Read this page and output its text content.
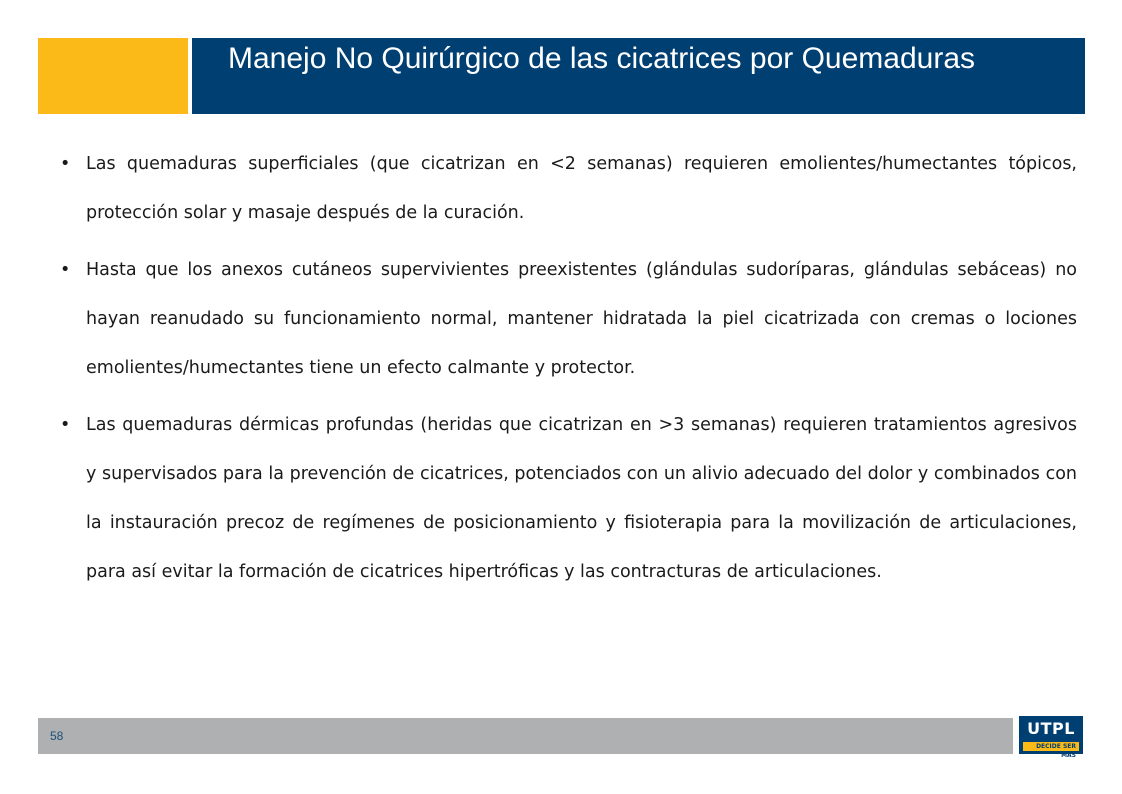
Manejo No Quirúrgico de las cicatrices por Quemaduras

• Las quemaduras superficiales (que cicatrizan en <2 semanas) requieren emolientes/humectantes tópicos, protección solar y masaje después de la curación.

• Hasta que los anexos cutáneos supervivientes preexistentes (glándulas sudoríparas, glándulas sebáceas) no hayan reanudado su funcionamiento normal, mantener hidratada la piel cicatrizada con cremas o lociones emolientes/humectantes tiene un efecto calmante y protector.

• Las quemaduras dérmicas profundas (heridas que cicatrizan en >3 semanas) requieren tratamientos agresivos y supervisados para la prevención de cicatrices, potenciados con un alivio adecuado del dolor y combinados con la instauración precoz de regímenes de posicionamiento y fisioterapia para la movilización de articulaciones, para así evitar la formación de cicatrices hipertróficas y las contracturas de articulaciones.

58	UTPL
DECIDE SER MÁS
